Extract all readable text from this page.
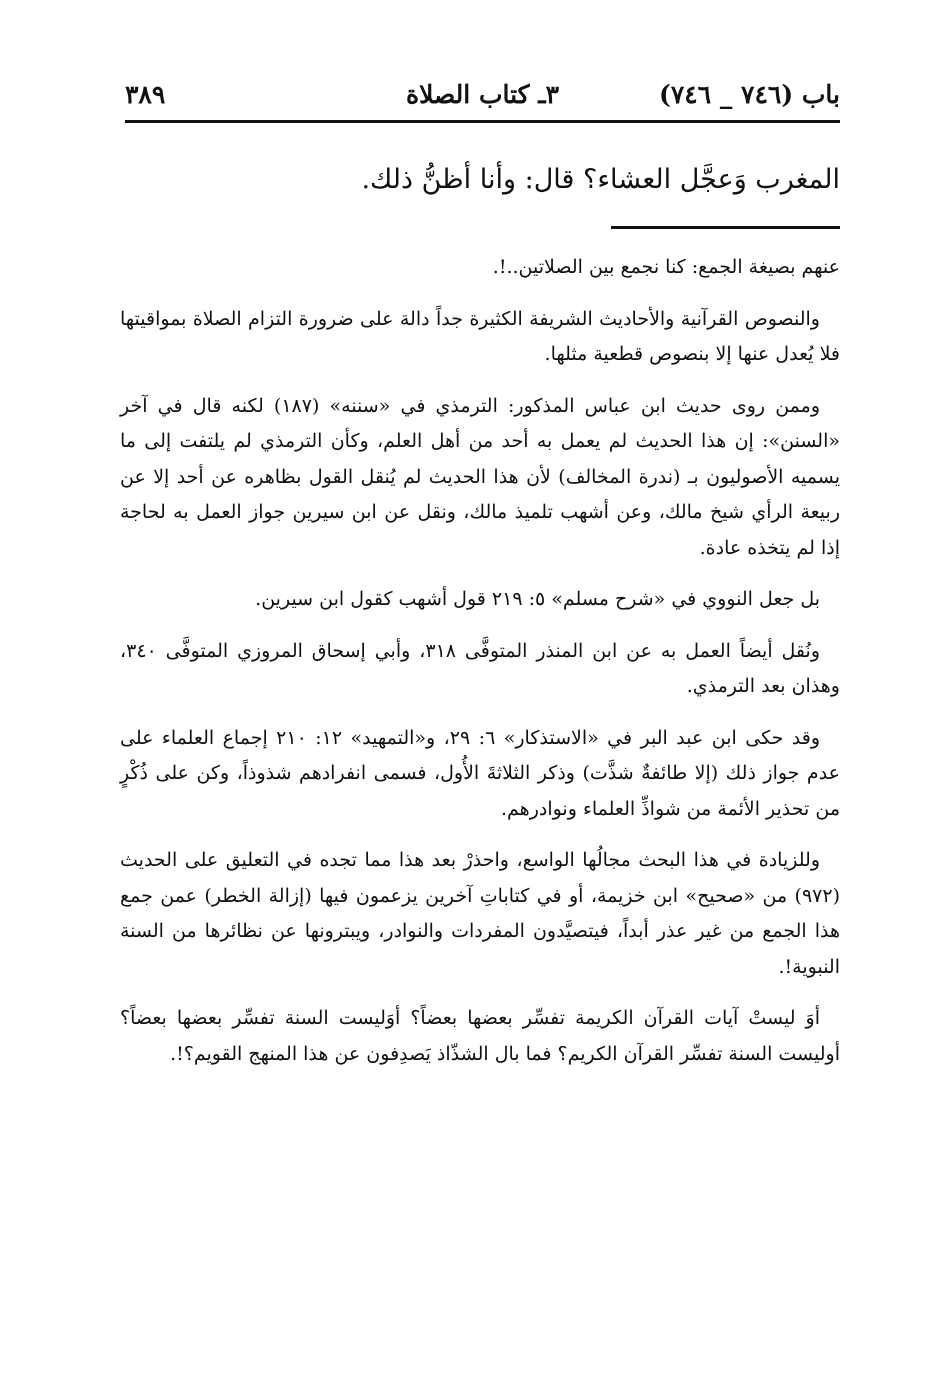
باب (٧٤٦ _ ٧٤٦)
٣ـ كتاب الصلاة
٣٨٩
المغرب وَعجَّل العشاء؟ قال: وأنا أظنُّ ذلك.

عنهم بصيغة الجمع: كنا نجمع بين الصلاتين..!.

والنصوص القرآنية والأحاديث الشريفة الكثيرة جداً دالة على ضرورة التزام الصلاة بمواقيتها فلا يُعدل عنها إلا بنصوص قطعية مثلها.

وممن روى حديث ابن عباس المذكور: الترمذي في «سننه» (١٨٧) لكنه قال في آخر «السنن»: إن هذا الحديث لم يعمل به أحد من أهل العلم، وكأن الترمذي لم يلتفت إلى ما يسميه الأصوليون بـ (ندرة المخالف) لأن هذا الحديث لم يُنقل القول بظاهره عن أحد إلا عن ربيعة الرأي شيخ مالك، وعن أشهب تلميذ مالك، ونقل عن ابن سيرين جواز العمل به لحاجة إذا لم يتخذه عادة.

بل جعل النووي في «شرح مسلم» ٥: ٢١٩ قول أشهب كقول ابن سيرين.

ونُقل أيضاً العمل به عن ابن المنذر المتوفَّى ٣١٨، وأبي إسحاق المروزي المتوفَّى ٣٤٠، وهذان بعد الترمذي.

وقد حكى ابن عبد البر في «الاستذكار» ٦: ٢٩، و«التمهيد» ١٢: ٢١٠ إجماع العلماء على عدم جواز ذلك (إلا طائفةٌ شذَّت) وذكر الثلاثةَ الأُول، فسمى انفرادهم شذوذاً، وكن على ذُكْرٍ من تحذير الأئمة من شواذِّ العلماء ونوادرهم.

وللزيادة في هذا البحث مجالُها الواسع، واحذرْ بعد هذا مما تجده في التعليق على الحديث (٩٧٢) من «صحيح» ابن خزيمة، أو في كتاباتِ آخرين يزعمون فيها (إزالة الخطر) عمن جمع هذا الجمع من غير عذر أبداً، فيتصيَّدون المفردات والنوادر، ويبترونها عن نظائرها من السنة النبوية!.

أوَ ليستْ آيات القرآن الكريمة تفسِّر بعضها بعضاً؟ أوَليست السنة تفسِّر بعضها بعضاً؟ أوليست السنة تفسِّر القرآن الكريم؟ فما بال الشذّاذ يَصدِفون عن هذا المنهج القويم؟!.
